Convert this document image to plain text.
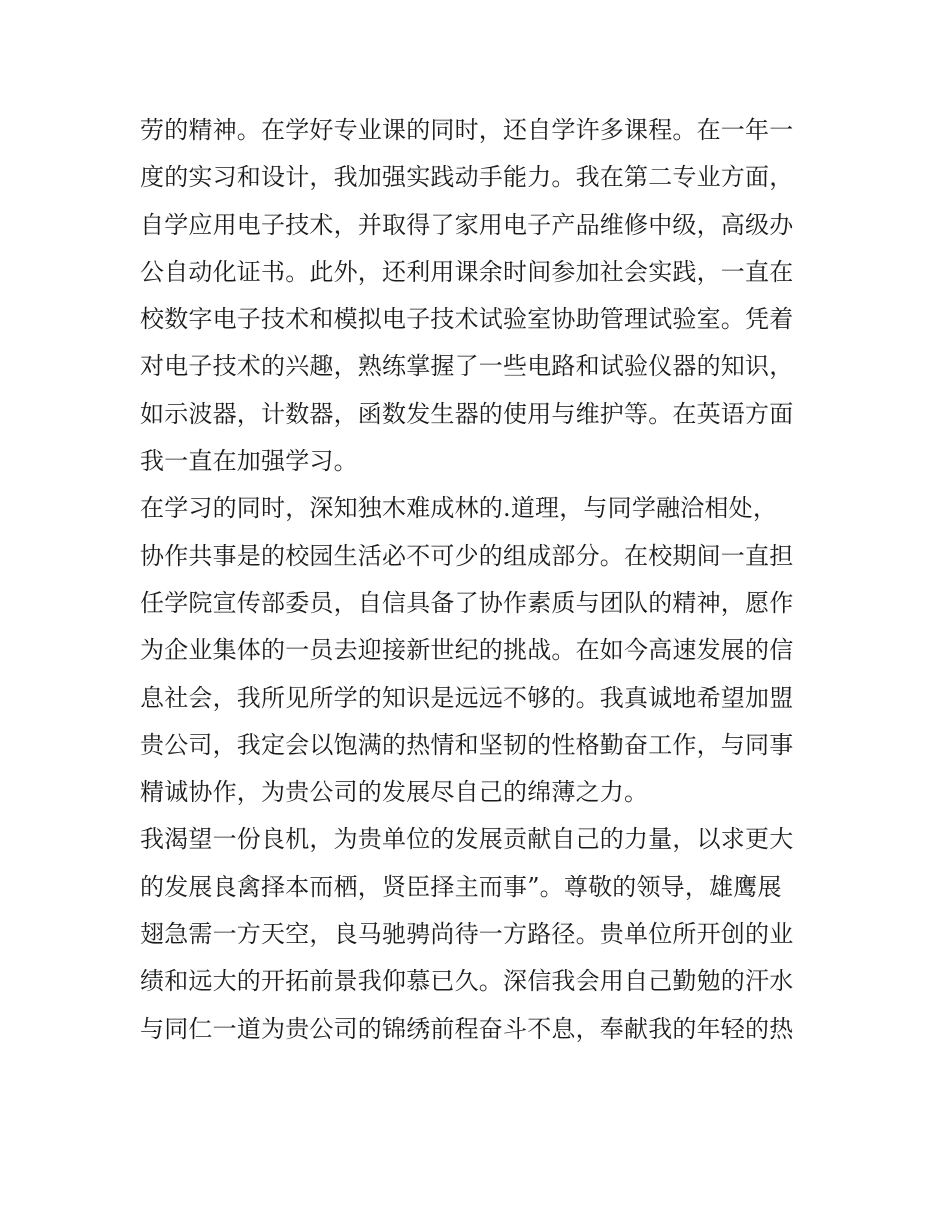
劳的精神。在学好专业课的同时，还自学许多课程。在一年一
度的实习和设计，我加强实践动手能力。我在第二专业方面，
自学应用电子技术，并取得了家用电子产品维修中级，高级办
公自动化证书。此外，还利用课余时间参加社会实践，一直在
校数字电子技术和模拟电子技术试验室协助管理试验室。凭着
对电子技术的兴趣，熟练掌握了一些电路和试验仪器的知识，
如示波器，计数器，函数发生器的使用与维护等。在英语方面
我一直在加强学习。
在学习的同时，深知独木难成林的.道理，与同学融洽相处，
协作共事是的校园生活必不可少的组成部分。在校期间一直担
任学院宣传部委员，自信具备了协作素质与团队的精神，愿作
为企业集体的一员去迎接新世纪的挑战。在如今高速发展的信
息社会，我所见所学的知识是远远不够的。我真诚地希望加盟
贵公司，我定会以饱满的热情和坚韧的性格勤奋工作，与同事
精诚协作，为贵公司的发展尽自己的绵薄之力。
我渴望一份良机，为贵单位的发展贡献自己的力量，以求更大
的发展良禽择本而栖，贤臣择主而事”。尊敬的领导，雄鹰展
翅急需一方天空，良马驰骋尚待一方路径。贵单位所开创的业
绩和远大的开拓前景我仰慕已久。深信我会用自己勤勉的汗水
与同仁一道为贵公司的锦绣前程奋斗不息，奉献我的年轻的热
